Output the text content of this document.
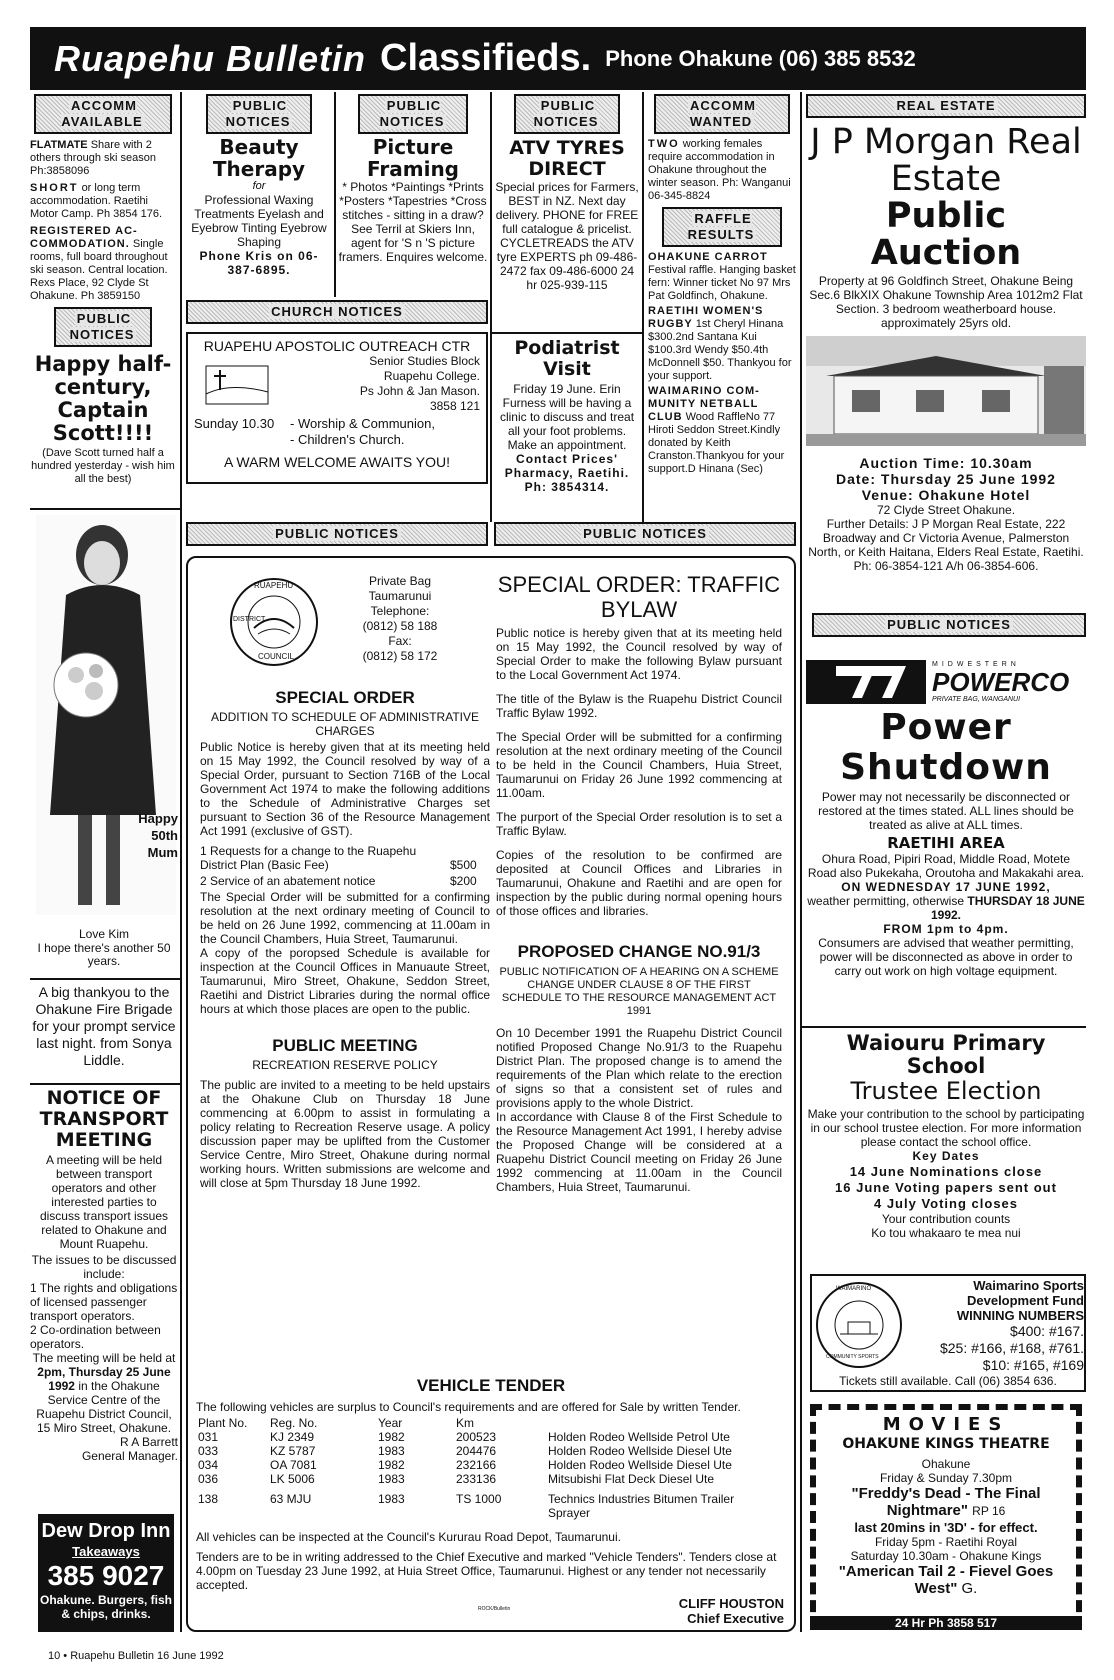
Ruapehu Bulletin Classifieds. Phone Ohakune (06) 385 8532
ACCOMM AVAILABLE

FLATMATE Share with 2 others through ski season Ph:3858096

SHORT or long term accommodation. Raetihi Motor Camp. Ph 3854 176.

REGISTERED AC-COMMODATION. Single rooms, full board throughout ski season. Central location. Rexs Place, 92 Clyde St Ohakune. Ph 3859150

PUBLIC NOTICES
Happy half-century, Captain Scott!!!!

(Dave Scott turned half a hundred yesterday - wish him all the best)

Happy 50th Mum

Love Kim

I hope there's another 50 years.

A big thankyou to the Ohakune Fire Brigade for your prompt service last night. from Sonya Liddle.

NOTICE OF TRANSPORT MEETING

A meeting will be held between transport operators and other interested parties to discuss transport issues related to Ohakune and Mount Ruapehu.

The issues to be discussed include:

1 The rights and obligations of licensed passenger transport operators.

2 Co-ordination between operators.

The meeting will be held at 2pm, Thursday 25 June 1992 in the Ohakune Service Centre of the Ruapehu District Council, 15 Miro Street, Ohakune.

R A Barrett

General Manager.

Dew Drop Inn
Takeaways
385 9027
Ohakune. Burgers, fish & chips, drinks.
PUBLIC NOTICES
Beauty Therapy

for

Professional Waxing Treatments Eyelash and Eyebrow Tinting Eyebrow Shaping

Phone Kris on 06-387-6895.

PUBLIC NOTICES
Picture Framing

* Photos *Paintings *Prints *Posters *Tapestries *Cross stitches - sitting in a draw? See Terril at Skiers Inn, agent for 'S n 'S picture framers. Enquires welcome.

CHURCH NOTICES
RUAPEHU APOSTOLIC OUTREACH CTR

Senior Studies Block Ruapehu College.

Ps John & Jan Mason.

3858 121

Sunday 10.30	- Worship & Communion,
- Children's Church.
A WARM WELCOME AWAITS YOU!
PUBLIC NOTICES
ATV TYRES DIRECT

Special prices for Farmers, BEST in NZ. Next day delivery. PHONE for FREE full catalogue & pricelist. CYCLETREADS the ATV tyre EXPERTS ph 09-486-2472 fax 09-486-6000 24 hr 025-939-115

Podiatrist Visit

Friday 19 June. Erin Furness will be having a clinic to discuss and treat all your foot problems. Make an appointment.

Contact Prices' Pharmacy, Raetihi. Ph: 3854314.

ACCOMM WANTED

TWO working females require accommodation in Ohakune throughout the winter season. Ph: Wanganui 06-345-8824

RAFFLE RESULTS

OHAKUNE CARROT Festival raffle. Hanging basket fern: Winner ticket No 97 Mrs Pat Goldfinch, Ohakune.

RAETIHI WOMEN'S RUGBY 1st Cheryl Hinana $300.2nd Santana Kui $100.3rd Wendy $50.4th McDonnell $50. Thankyou for your support.

WAIMARINO COM-MUNITY NETBALL CLUB Wood RaffleNo 77 Hiroti Seddon Street.Kindly donated by Keith Cranston.Thankyou for your support.D Hinana (Sec)

PUBLIC NOTICES	PUBLIC NOTICES
RUAPEHU
DISTRICT
COUNCIL
Private Bag
Taumarunui
Telephone:
(0812) 58 188
Fax:
(0812) 58 172
SPECIAL ORDER

ADDITION TO SCHEDULE OF ADMINISTRATIVE CHARGES

Public Notice is hereby given that at its meeting held on 15 May 1992, the Council resolved by way of a Special Order, pursuant to Section 716B of the Local Government Act 1974 to make the following additions to the Schedule of Administrative Charges set pursuant to Section 36 of the Resource Management Act 1991 (exclusive of GST).

1 Requests for a change to the Ruapehu District Plan (Basic Fee)	$500
2 Service of an abatement notice	$200

The Special Order will be submitted for a confirming resolution at the next ordinary meeting of Council to be held on 26 June 1992, commencing at 11.00am in the Council Chambers, Huia Street, Taumarunui.

A copy of the poropsed Schedule is available for inspection at the Council Offices in Manuaute Street, Taumarunui, Miro Street, Ohakune, Seddon Street, Raetihi and District Libraries during the normal office hours at which those places are open to the public.

PUBLIC MEETING

RECREATION RESERVE POLICY

The public are invited to a meeting to be held upstairs at the Ohakune Club on Thursday 18 June commencing at 6.00pm to assist in formulating a policy relating to Recreation Reserve usage. A policy discussion paper may be uplifted from the Customer Service Centre, Miro Street, Ohakune during normal working hours. Written submissions are welcome and will close at 5pm Thursday 18 June 1992.

SPECIAL ORDER: TRAFFIC BYLAW

Public notice is hereby given that at its meeting held on 15 May 1992, the Council resolved by way of Special Order to make the following Bylaw pursuant to the Local Government Act 1974.

The title of the Bylaw is the Ruapehu District Council Traffic Bylaw 1992.

The Special Order will be submitted for a confirming resolution at the next ordinary meeting of the Council to be held in the Council Chambers, Huia Street, Taumarunui on Friday 26 June 1992 commencing at 11.00am.

The purport of the Special Order resolution is to set a Traffic Bylaw.

Copies of the resolution to be confirmed are deposited at Council Offices and Libraries in Taumarunui, Ohakune and Raetihi and are open for inspection by the public during normal opening hours of those offices and libraries.

PROPOSED CHANGE NO.91/3

PUBLIC NOTIFICATION OF A HEARING ON A SCHEME CHANGE UNDER CLAUSE 8 OF THE FIRST SCHEDULE TO THE RESOURCE MANAGEMENT ACT 1991

On 10 December 1991 the Ruapehu District Council notified Proposed Change No.91/3 to the Ruapehu District Plan. The proposed change is to amend the requirements of the Plan which relate to the erection of signs so that a consistent set of rules and provisions apply to the whole District.

In accordance with Clause 8 of the First Schedule to the Resource Management Act 1991, I hereby advise the Proposed Change will be considered at a Ruapehu District Council meeting on Friday 26 June 1992 commencing at 11.00am in the Council Chambers, Huia Street, Taumarunui.

VEHICLE TENDER

The following vehicles are surplus to Council's requirements and are offered for Sale by written Tender.

Plant No.	Reg. No.	Year	Km	
031	KJ 2349	1982	200523	Holden Rodeo Wellside Petrol Ute
033	KZ 5787	1983	204476	Holden Rodeo Wellside Diesel Ute
034	OA 7081	1982	232166	Holden Rodeo Wellside Diesel Ute
036	LK 5006	1983	233136	Mitsubishi Flat Deck Diesel Ute
138	63 MJU	1983	TS 1000	Technics Industries Bitumen Trailer Sprayer

All vehicles can be inspected at the Council's Kururau Road Depot, Taumarunui.

Tenders are to be in writing addressed to the Chief Executive and marked "Vehicle Tenders". Tenders close at 4.00pm on Tuesday 23 June 1992, at Huia Street Office, Taumarunui. Highest or any tender not necessarily accepted.

ROCK/Bulletin	CLIFF HOUSTON
Chief Executive
REAL ESTATE
J P Morgan Real Estate
Public Auction

Property at 96 Goldfinch Street, Ohakune Being Sec.6 BlkXIX Ohakune Township Area 1012m2 Flat Section. 3 bedroom weatherboard house. approximately 25yrs old.

Auction Time: 10.30am
Date: Thursday 25 June 1992
Venue: Ohakune Hotel

72 Clyde Street Ohakune.

Further Details: J P Morgan Real Estate, 222 Broadway and Cr Victoria Avenue, Palmerston North, or Keith Haitana, Elders Real Estate, Raetihi. Ph: 06-3854-121 A/h 06-3854-606.

PUBLIC NOTICES
MIDWESTERN
POWERCO
PRIVATE BAG, WANGANUI
Power Shutdown

Power may not necessarily be disconnected or restored at the times stated. ALL lines should be treated as alive at ALL times.

RAETIHI AREA

Ohura Road, Pipiri Road, Middle Road, Motete Road also Pukekaha, Oroutoha and Makakahi area.

ON WEDNESDAY 17 JUNE 1992,

weather permitting, otherwise THURSDAY 18 JUNE 1992.

FROM 1pm to 4pm.

Consumers are advised that weather permitting, power will be disconnected as above in order to carry out work on high voltage equipment.

Waiouru Primary School
Trustee Election

Make your contribution to the school by participating in our school trustee election. For more information please contact the school office.

Key Dates

14 June Nominations close

16 June Voting papers sent out

4 July Voting closes

Your contribution counts

Ko tou whakaaro te mea nui

WAIMARINO
COMMUNITY SPORTS
Waimarino Sports Development Fund
WINNING NUMBERS
$400: #167.
$25: #166, #168, #761.
$10: #165, #169
Tickets still available. Call (06) 3854 636.
MOVIES
OHAKUNE KINGS THEATRE

Ohakune

Friday & Sunday 7.30pm

"Freddy's Dead - The Final Nightmare" RP 16

last 20mins in '3D' - for effect.

Friday 5pm - Raetihi Royal

Saturday 10.30am - Ohakune Kings

"American Tail 2 - Fievel Goes West" G.

24 Hr Ph 3858 517
10 • Ruapehu Bulletin 16 June 1992
